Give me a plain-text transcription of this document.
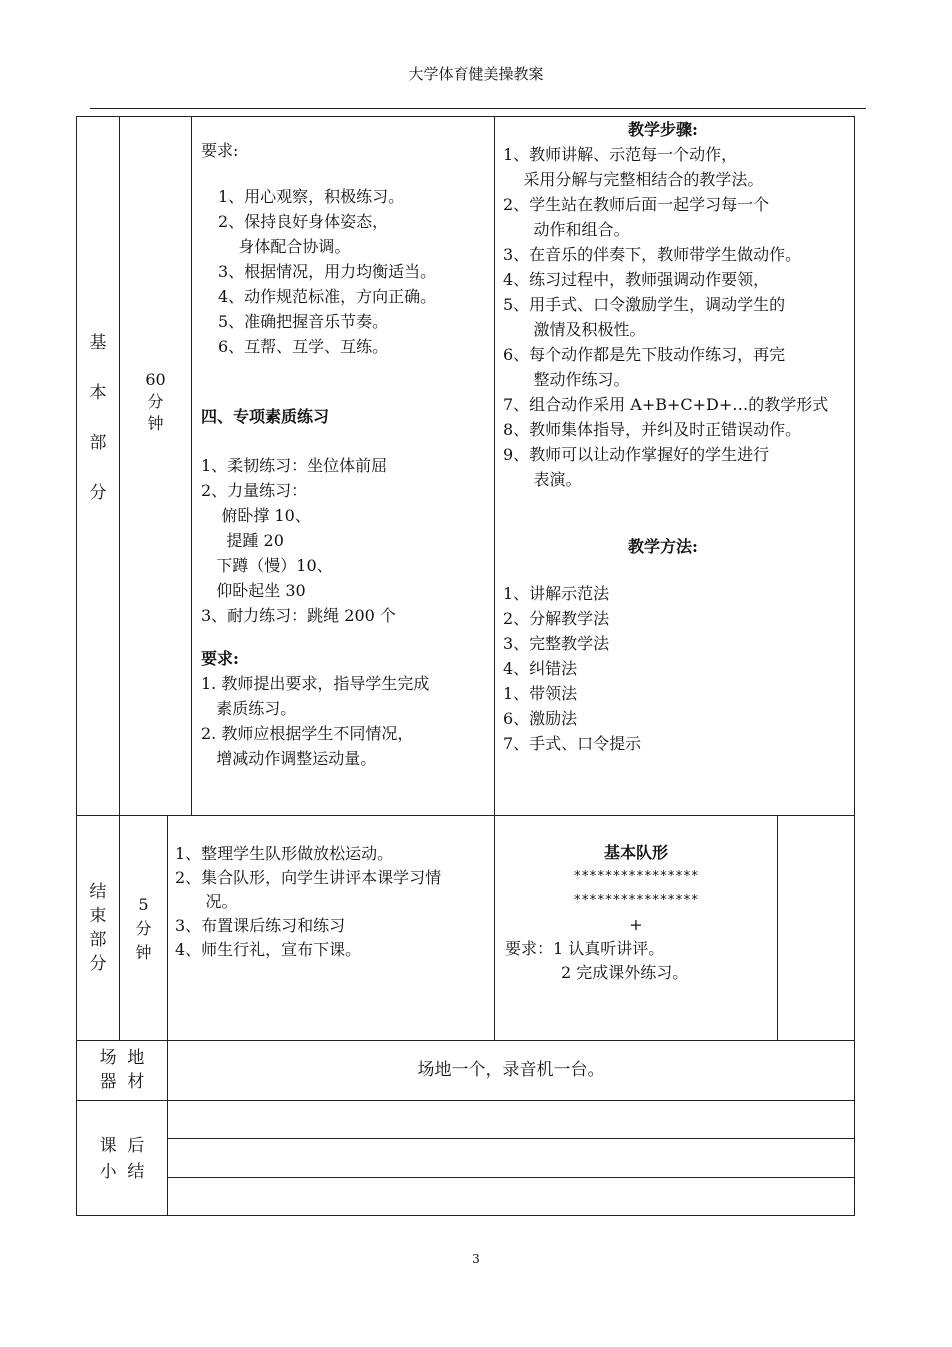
大学体育健美操教案
基
本
部
分
60
分
钟
要求:
1、用心观察，积极练习。
2、保持良好身体姿态，
身体配合协调。
3、根据情况，用力均衡适当。
4、动作规范标准，方向正确。
5、准确把握音乐节奏。
6、互帮、互学、互练。
四、专项素质练习
1、柔韧练习：坐位体前屈
2、力量练习：
俯卧撑 10、
提踵 20
下蹲（慢）10、
仰卧起坐 30
3、耐力练习：跳绳 200 个
要求:
1. 教师提出要求，指导学生完成
素质练习。
2. 教师应根据学生不同情况，
增减动作调整运动量。
教学步骤:
1、教师讲解、示范每一个动作，
采用分解与完整相结合的教学法。
2、学生站在教师后面一起学习每一个
动作和组合。
3、在音乐的伴奏下，教师带学生做动作。
4、练习过程中，教师强调动作要领，
5、用手式、口令激励学生，调动学生的
激情及积极性。
6、每个动作都是先下肢动作练习，再完
整动作练习。
7、组合动作采用 A+B+C+D+…的教学形式
8、教师集体指导，并纠及时正错误动作。
9、教师可以让动作掌握好的学生进行
表演。
教学方法:
1、讲解示范法
2、分解教学法
3、完整教学法
4、纠错法
1、带领法
6、激励法
7、手式、口令提示
结
束
部
分
5
分
钟
1、整理学生队形做放松运动。
2、集合队形，向学生讲评本课学习情
况。
3、布置课后练习和练习
4、师生行礼，宣布下课。
基本队形
****************
****************
+
要求：1 认真听讲评。
2 完成课外练习。
场  地
器  材
场地一个，录音机一台。
课  后
小  结
3
